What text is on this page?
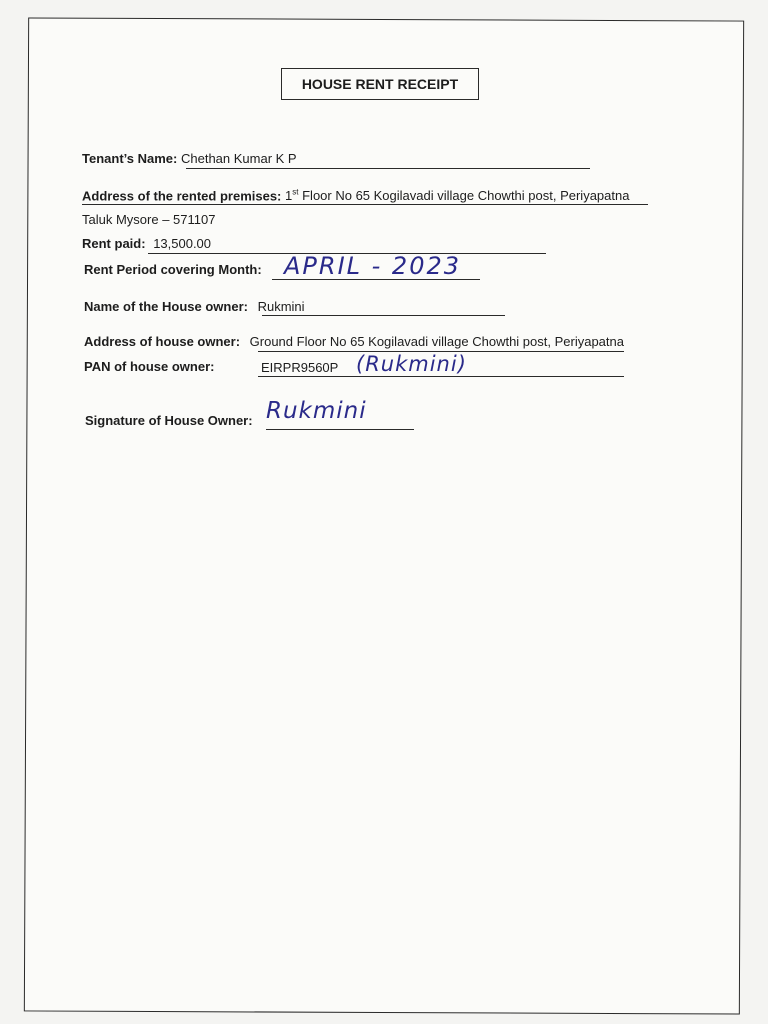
HOUSE RENT RECEIPT
Tenant’s Name: Chethan Kumar K P
Address of the rented premises: 1st Floor No 65 Kogilavadi village Chowthi post, Periyapatna
Taluk Mysore – 571107
Rent paid: 13,500.00
Rent Period covering Month: APRIL - 2023
Name of the House owner: Rukmini
Address of house owner: Ground Floor No 65 Kogilavadi village Chowthi post, Periyapatna
PAN of house owner:	EIRPR9560P (Rukmini)
Signature of House Owner: Rukmini
